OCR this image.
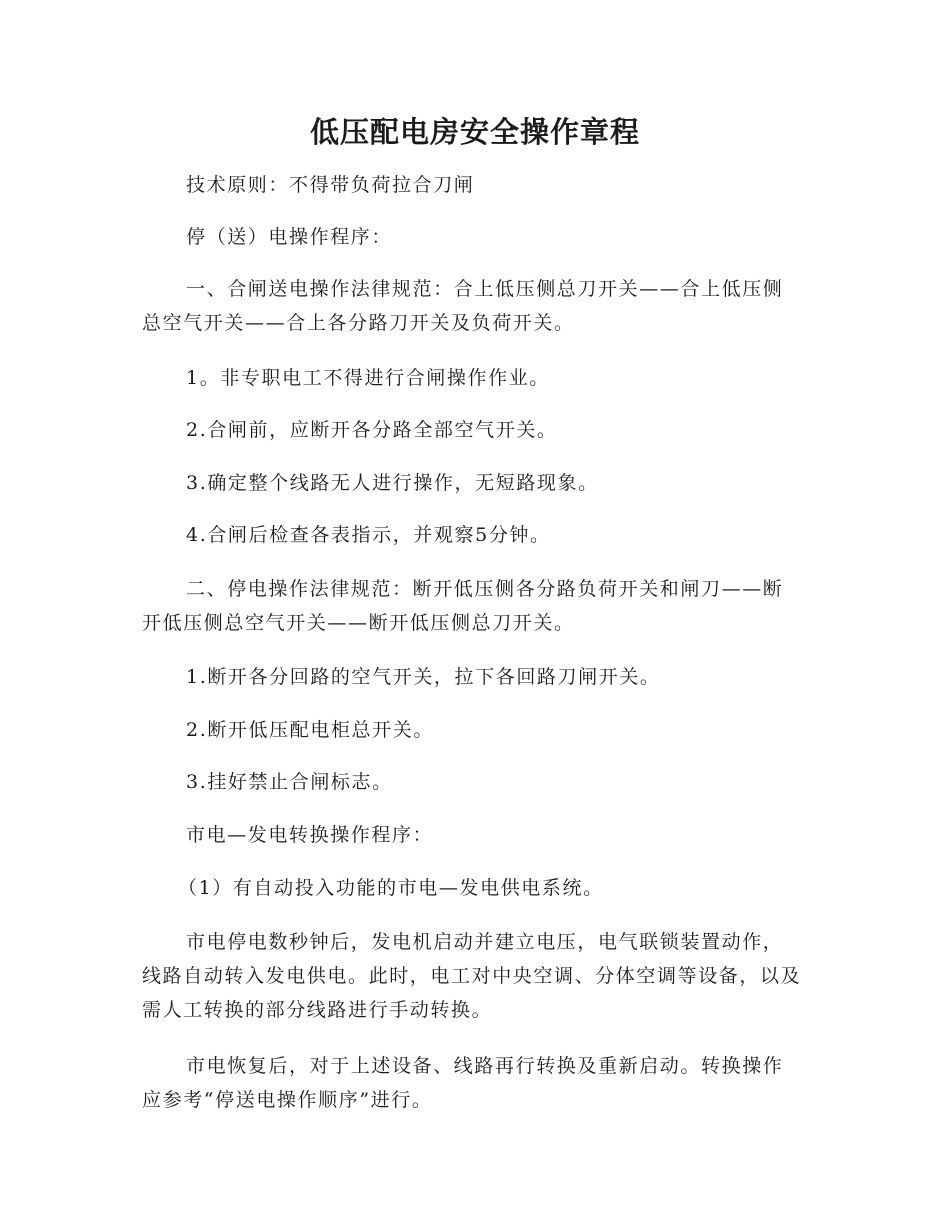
低压配电房安全操作章程

技术原则：不得带负荷拉合刀闸

停（送）电操作程序：

一、合闸送电操作法律规范：合上低压侧总刀开关——合上低压侧总空气开关——合上各分路刀开关及负荷开关。

1。非专职电工不得进行合闸操作作业。

2.合闸前，应断开各分路全部空气开关。

3.确定整个线路无人进行操作，无短路现象。

4.合闸后检查各表指示，并观察5分钟。

二、停电操作法律规范：断开低压侧各分路负荷开关和闸刀——断开低压侧总空气开关——断开低压侧总刀开关。

1.断开各分回路的空气开关，拉下各回路刀闸开关。

2.断开低压配电柜总开关。

3.挂好禁止合闸标志。

市电—发电转换操作程序：

（1）有自动投入功能的市电—发电供电系统。

市电停电数秒钟后，发电机启动并建立电压，电气联锁装置动作，线路自动转入发电供电。此时，电工对中央空调、分体空调等设备，以及需人工转换的部分线路进行手动转换。

市电恢复后，对于上述设备、线路再行转换及重新启动。转换操作应参考“停送电操作顺序”进行。
